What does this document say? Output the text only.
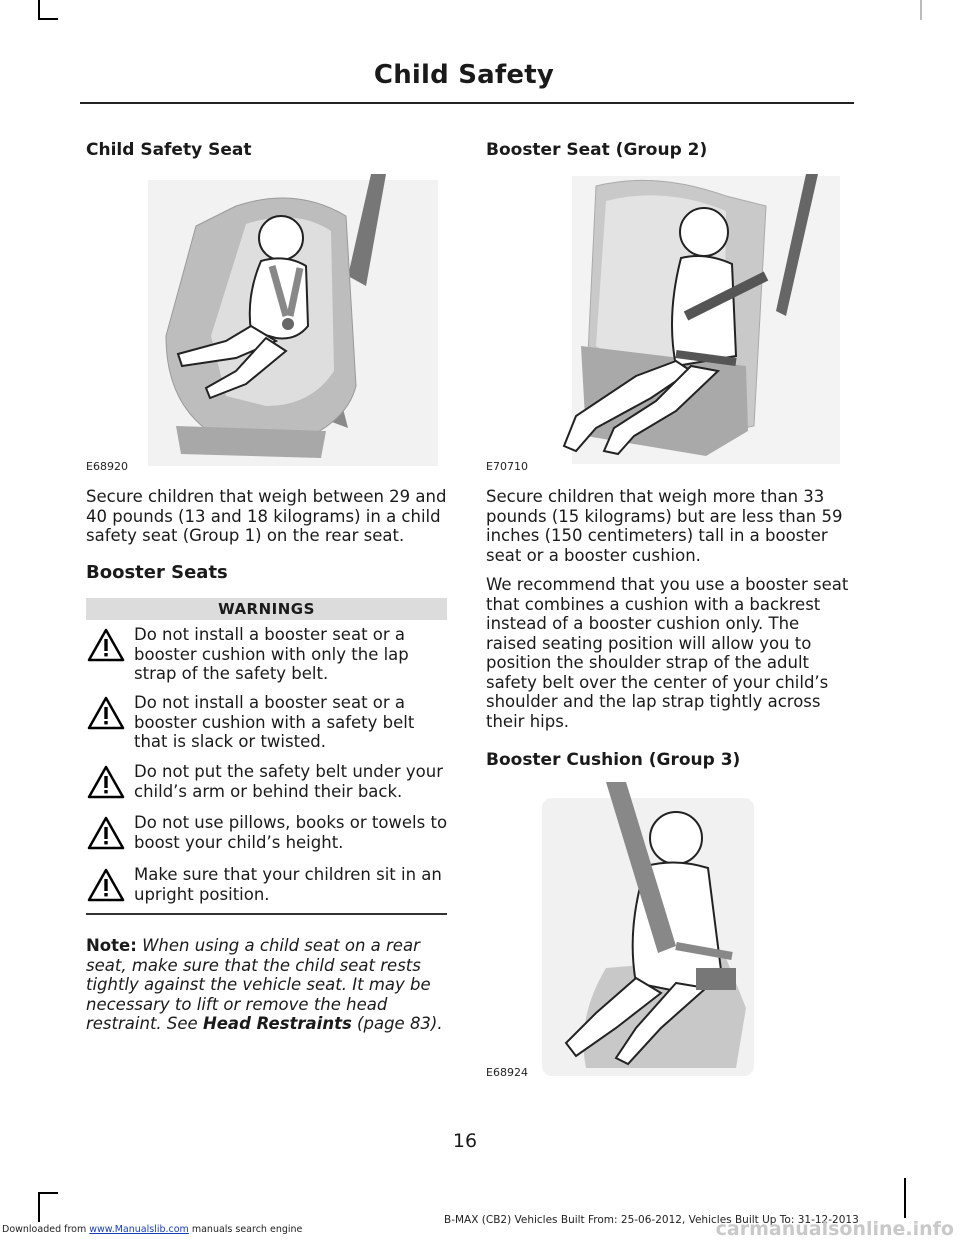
Child Safety
Child Safety Seat
E68920

Secure children that weigh between 29 and 40 pounds (13 and 18 kilograms) in a child safety seat (Group 1) on the rear seat.

Booster Seats
WARNINGS

Do not install a booster seat or a booster cushion with only the lap strap of the safety belt.

Do not install a booster seat or a booster cushion with a safety belt that is slack or twisted.

Do not put the safety belt under your child’s arm or behind their back.

Do not use pillows, books or towels to boost your child’s height.

Make sure that your children sit in an upright position.

Note: When using a child seat on a rear seat, make sure that the child seat rests tightly against the vehicle seat. It may be necessary to lift or remove the head restraint. See Head Restraints (page 83).

Booster Seat (Group 2)
E70710

Secure children that weigh more than 33 pounds (15 kilograms) but are less than 59 inches (150 centimeters) tall in a booster seat or a booster cushion.

We recommend that you use a booster seat that combines a cushion with a backrest instead of a booster cushion only. The raised seating position will allow you to position the shoulder strap of the adult safety belt over the center of your child’s shoulder and the lap strap tightly across their hips.

Booster Cushion (Group 3)
E68924
16
Downloaded from www.Manualslib.com manuals search engine
B-MAX (CB2) Vehicles Built From: 25-06-2012, Vehicles Built Up To: 31-12-2013
carmanualsonline.info
